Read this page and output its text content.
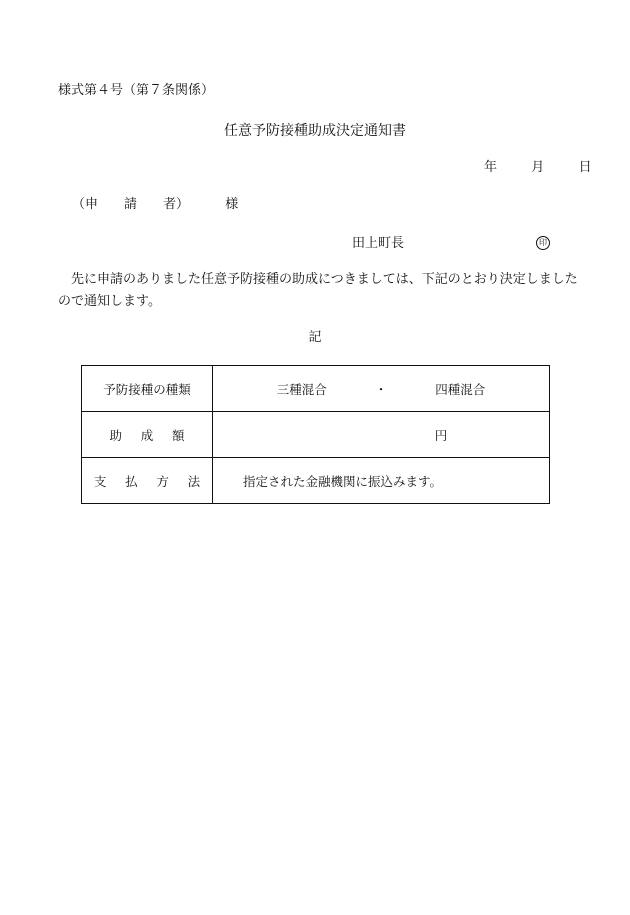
様式第４号（第７条関係）
任意予防接種助成決定通知書
年	月	日
（申　　請　　者）	様
田上町長	印
先に申請のありました任意予防接種の助成につきましては、下記のとおり決定しましたので通知します。
記
予防接種の種類	三種混合 ・ 四種混合

助成額	円
支払方法	指定された金融機関に振込みます。
